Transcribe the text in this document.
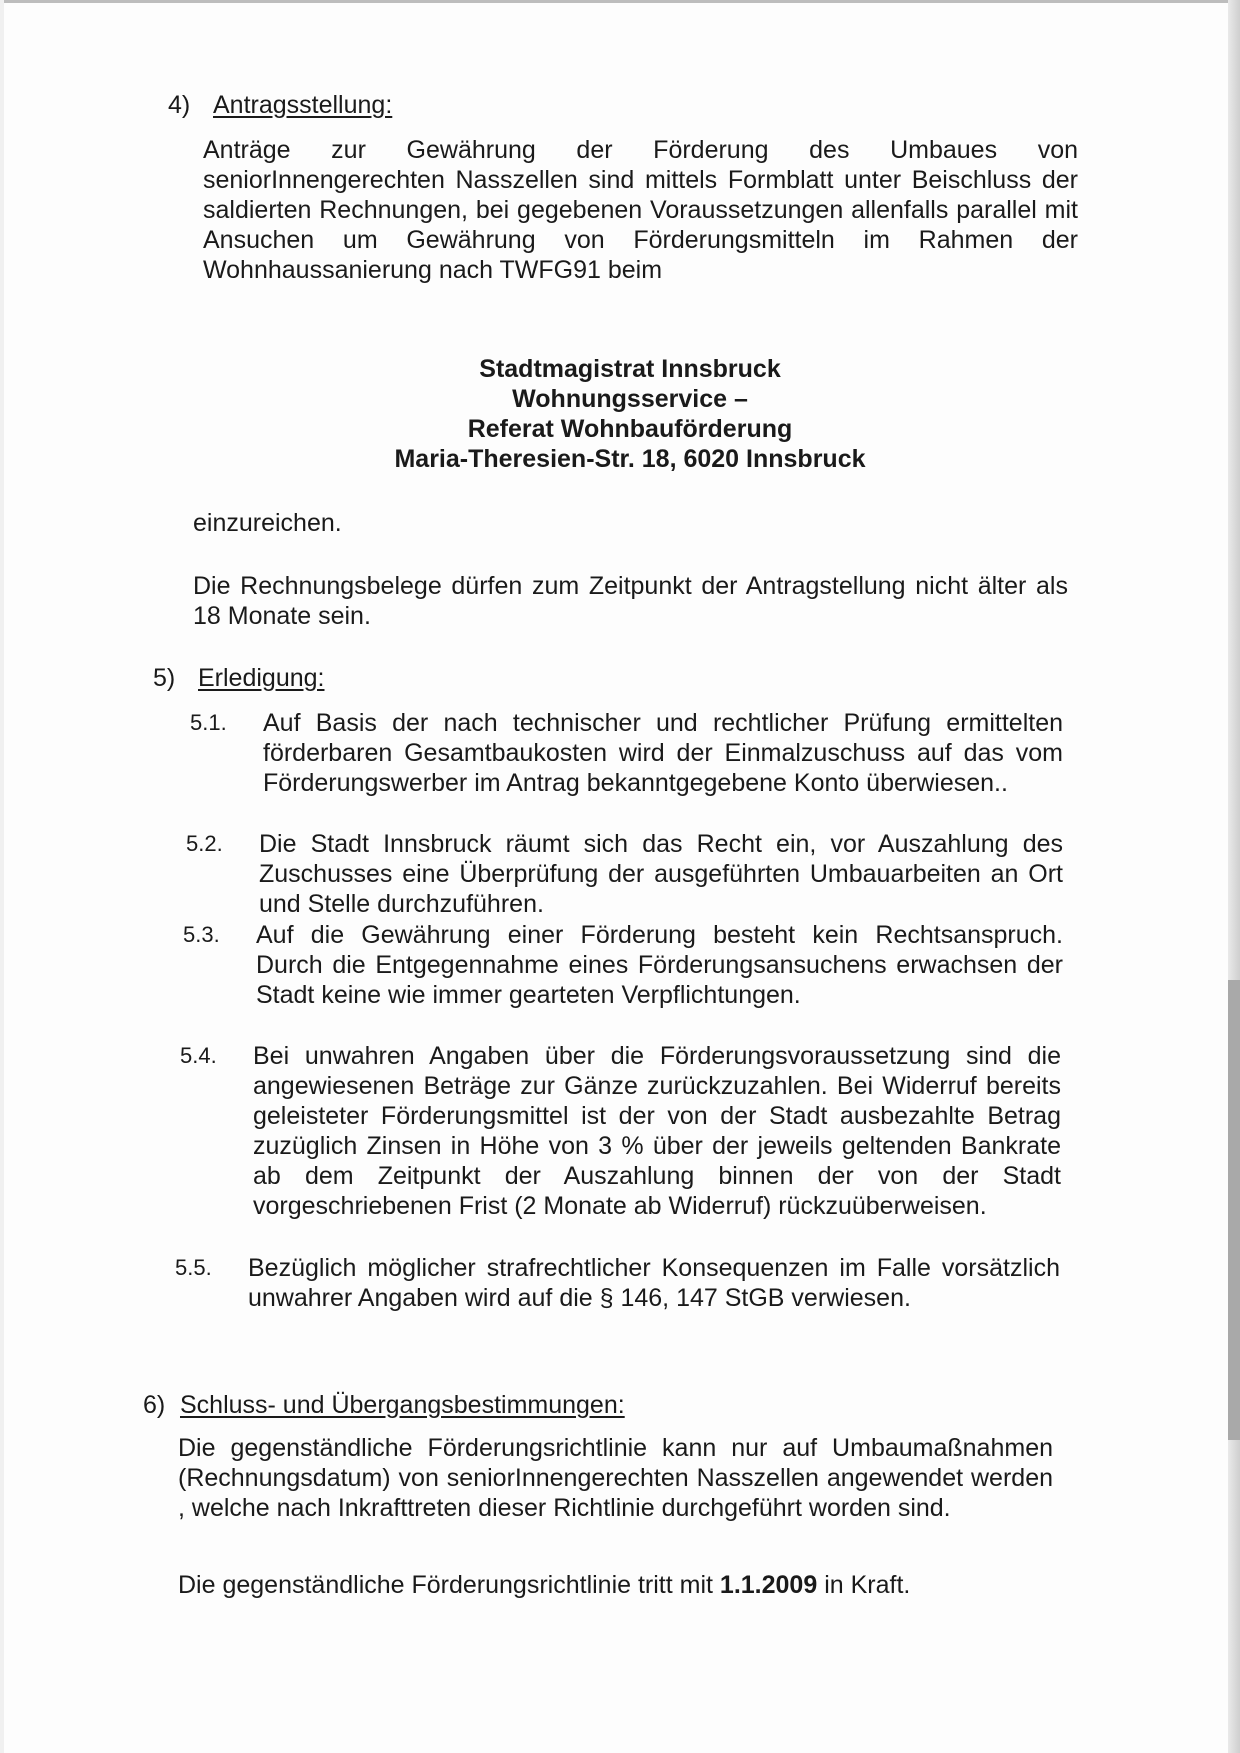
4) Antragsstellung:
Anträge zur Gewährung der Förderung des Umbaues von seniorInnengerechten Nasszellen sind mittels Formblatt unter Beischluss der saldierten Rechnungen, bei gegebenen Voraussetzungen allenfalls parallel mit Ansuchen um Gewährung von Förderungsmitteln im Rahmen der Wohnhaussanierung nach TWFG91 beim
Stadtmagistrat Innsbruck
Wohnungsservice –
Referat Wohnbauförderung
Maria-Theresien-Str. 18, 6020 Innsbruck
einzureichen.
Die Rechnungsbelege dürfen zum Zeitpunkt der Antragstellung nicht älter als 18 Monate sein.
5) Erledigung:
5.1. Auf Basis der nach technischer und rechtlicher Prüfung ermittelten förderbaren Gesamtbaukosten wird der Einmalzuschuss auf das vom Förderungswerber im Antrag bekanntgegebene Konto überwiesen..
5.2. Die Stadt Innsbruck räumt sich das Recht ein, vor Auszahlung des Zuschusses eine Überprüfung der ausgeführten Umbauarbeiten an Ort und Stelle durchzuführen.
5.3. Auf die Gewährung einer Förderung besteht kein Rechtsanspruch. Durch die Entgegennahme eines Förderungsansuchens erwachsen der Stadt keine wie immer gearteten Verpflichtungen.
5.4. Bei unwahren Angaben über die Förderungsvoraussetzung sind die angewiesenen Beträge zur Gänze zurückzuzahlen. Bei Widerruf bereits geleisteter Förderungsmittel ist der von der Stadt ausbezahlte Betrag zuzüglich Zinsen in Höhe von 3 % über der jeweils geltenden Bankrate ab dem Zeitpunkt der Auszahlung binnen der von der Stadt vorgeschriebenen Frist (2 Monate ab Widerruf) rückzuüberweisen.
5.5. Bezüglich möglicher strafrechtlicher Konsequenzen im Falle vorsätzlich unwahrer Angaben wird auf die § 146, 147 StGB verwiesen.
6) Schluss- und Übergangsbestimmungen:
Die gegenständliche Förderungsrichtlinie kann nur auf Umbaumaßnahmen (Rechnungsdatum) von seniorInnengerechten Nasszellen angewendet werden , welche nach Inkrafttreten dieser Richtlinie durchgeführt worden sind.
Die gegenständliche Förderungsrichtlinie tritt mit 1.1.2009 in Kraft.
